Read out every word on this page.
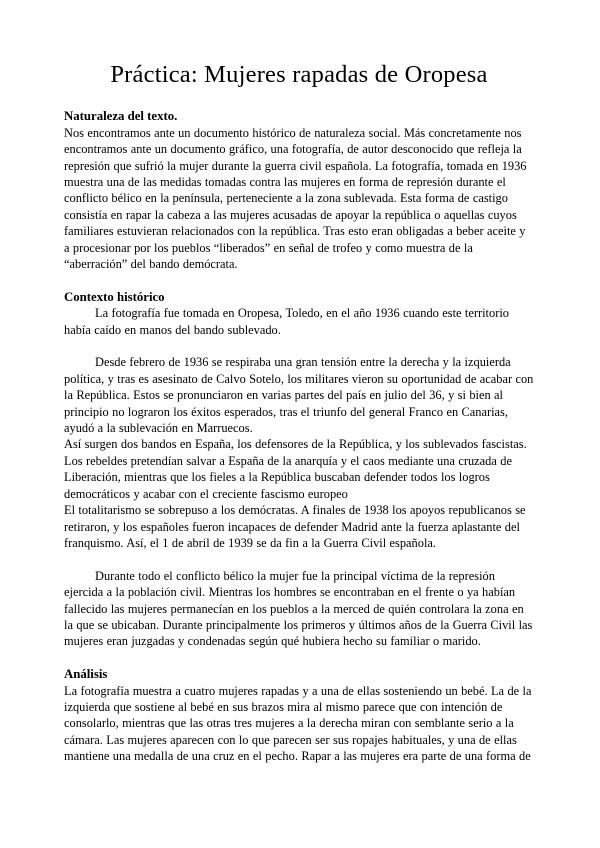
Práctica: Mujeres rapadas de Oropesa
Naturaleza del texto.

Nos encontramos ante un documento histórico de naturaleza social. Más concretamente nos encontramos ante un documento gráfico, una fotografía, de autor desconocido que refleja la represión que sufrió la mujer durante la guerra civil española. La fotografía, tomada en 1936 muestra una de las medidas tomadas contra las mujeres en forma de represión durante el conflicto bélico en la península, perteneciente a la zona sublevada. Esta forma de castigo consistía en rapar la cabeza a las mujeres acusadas de apoyar la república o aquellas cuyos familiares estuvieran relacionados con la república. Tras esto eran obligadas a beber aceite y a procesionar por los pueblos “liberados” en señal de trofeo y como muestra de la “aberración” del bando demócrata.

Contexto histórico

La fotografía fue tomada en Oropesa, Toledo, en el año 1936 cuando este territorio había caído en manos del bando sublevado.

Desde febrero de 1936 se respiraba una gran tensión entre la derecha y la izquierda política, y tras es asesinato de Calvo Sotelo, los militares vieron su oportunidad de acabar con la República. Estos se pronunciaron en varias partes del país en julio del 36, y si bien al principio no lograron los éxitos esperados, tras el triunfo del general Franco en Canarias, ayudó a la sublevación en Marruecos.

Así surgen dos bandos en España, los defensores de la República, y los sublevados fascistas. Los rebeldes pretendían salvar a España de la anarquía y el caos mediante una cruzada de Liberación, mientras que los fieles a la República buscaban defender todos los logros democráticos y acabar con el creciente fascismo europeo

El totalitarismo se sobrepuso a los demócratas. A finales de 1938 los apoyos republicanos se retiraron, y los españoles fueron incapaces de defender Madrid ante la fuerza aplastante del franquismo. Así, el 1 de abril de 1939 se da fin a la Guerra Civil española.

Durante todo el conflicto bélico la mujer fue la principal víctima de la represión ejercida a la población civil. Mientras los hombres se encontraban en el frente o ya habían fallecido las mujeres permanecían en los pueblos a la merced de quién controlara la zona en la que se ubicaban. Durante principalmente los primeros y últimos años de la Guerra Civil las mujeres eran juzgadas y condenadas según qué hubiera hecho su familiar o marido.

Análisis

La fotografía muestra a cuatro mujeres rapadas y a una de ellas sosteniendo un bebé. La de la izquierda que sostiene al bebé en sus brazos mira al mismo parece que con intención de consolarlo, mientras que las otras tres mujeres a la derecha miran con semblante serio a la cámara. Las mujeres aparecen con lo que parecen ser sus ropajes habituales, y una de ellas mantiene una medalla de una cruz en el pecho. Rapar a las mujeres era parte de una forma de
